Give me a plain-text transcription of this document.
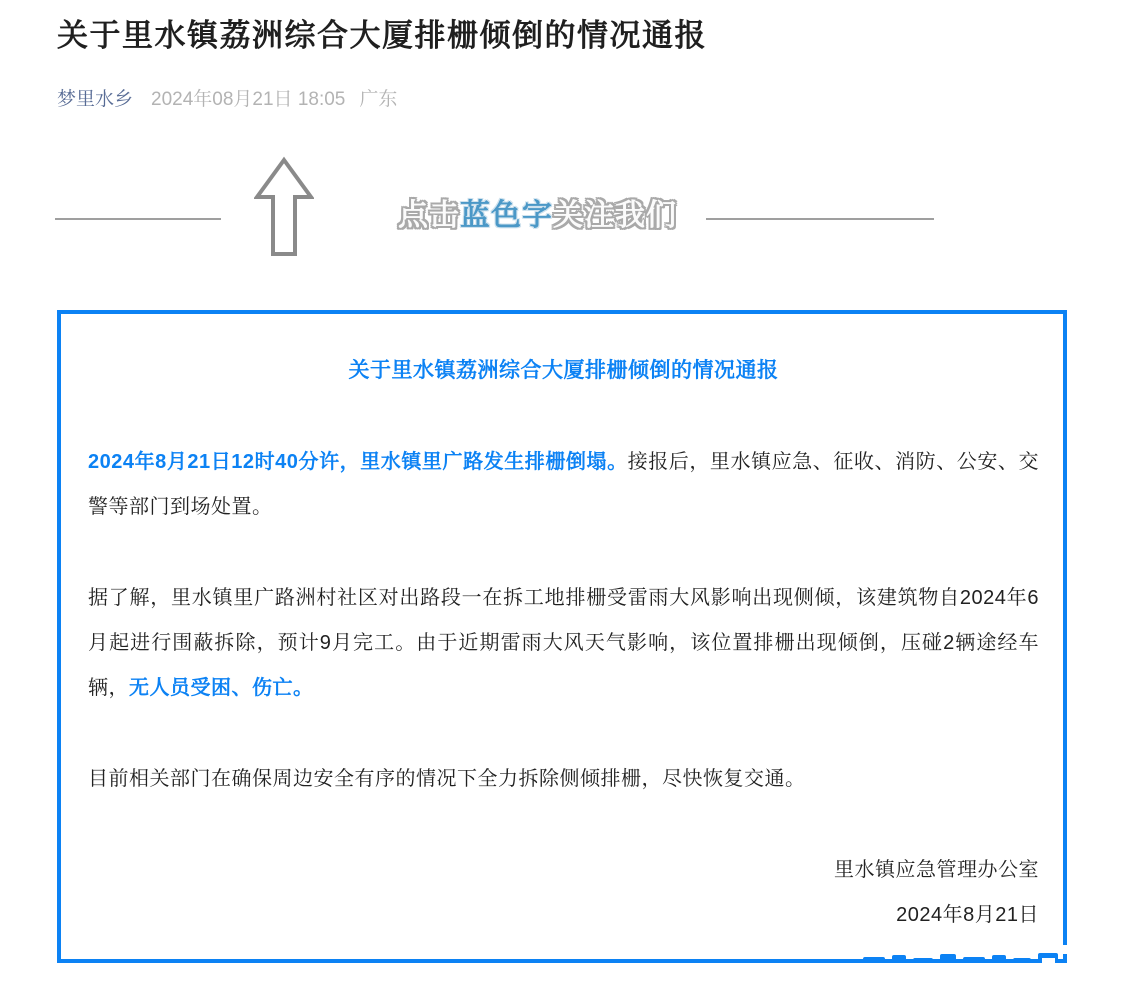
关于里水镇荔洲综合大厦排栅倾倒的情况通报
梦里水乡 2024年08月21日 18:05 广东
点击蓝色字关注我们
关于里水镇荔洲综合大厦排栅倾倒的情况通报

2024年8月21日12时40分许，里水镇里广路发生排栅倒塌。接报后，里水镇应急、征收、消防、公安、交警等部门到场处置。

据了解，里水镇里广路洲村社区对出路段一在拆工地排栅受雷雨大风影响出现侧倾，该建筑物自2024年6月起进行围蔽拆除，预计9月完工。由于近期雷雨大风天气影响，该位置排栅出现倾倒，压碰2辆途经车辆，无人员受困、伤亡。

目前相关部门在确保周边安全有序的情况下全力拆除侧倾排栅，尽快恢复交通。

里水镇应急管理办公室
2024年8月21日
